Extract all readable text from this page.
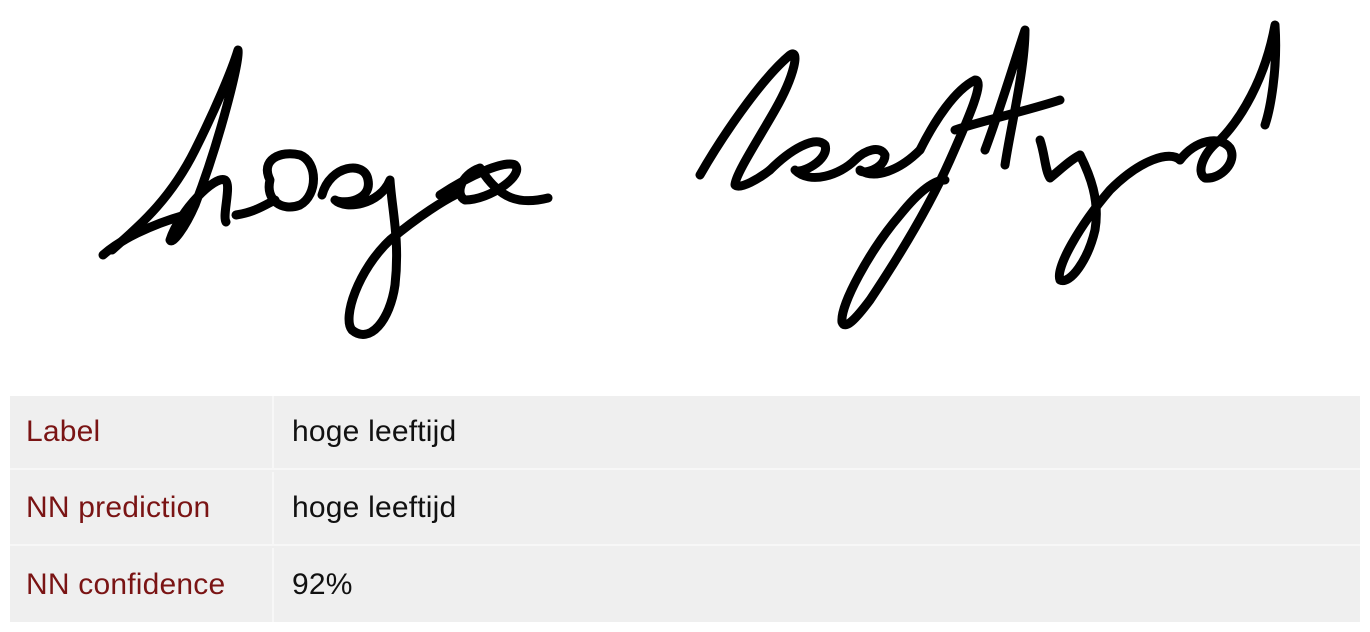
Label	hoge leeftijd
NN prediction	hoge leeftijd
NN confidence	92%
